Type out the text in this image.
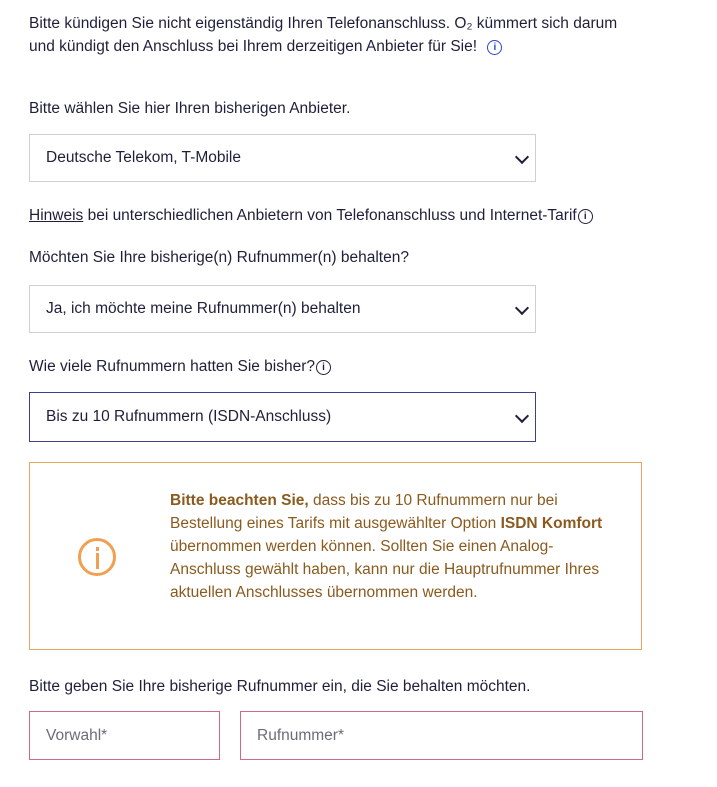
Bitte kündigen Sie nicht eigenständig Ihren Telefonanschluss. O₂ kümmert sich darum und kündigt den Anschluss bei Ihrem derzeitigen Anbieter für Sie! i

Bitte wählen Sie hier Ihren bisherigen Anbieter.

Deutsche Telekom, T-Mobile

Hinweis bei unterschiedlichen Anbietern von Telefonanschluss und Internet-Tarif i

Möchten Sie Ihre bisherige(n) Rufnummer(n) behalten?

Ja, ich möchte meine Rufnummer(n) behalten

Wie viele Rufnummern hatten Sie bisher? i

Bis zu 10 Rufnummern (ISDN-Anschluss)

Bitte beachten Sie, dass bis zu 10 Rufnummern nur bei Bestellung eines Tarifs mit ausgewählter Option ISDN Komfort übernommen werden können. Sollten Sie einen Analog-Anschluss gewählt haben, kann nur die Hauptrufnummer Ihres aktuellen Anschlusses übernommen werden.

Bitte geben Sie Ihre bisherige Rufnummer ein, die Sie behalten möchten.

Vorwahl*	Rufnummer*
